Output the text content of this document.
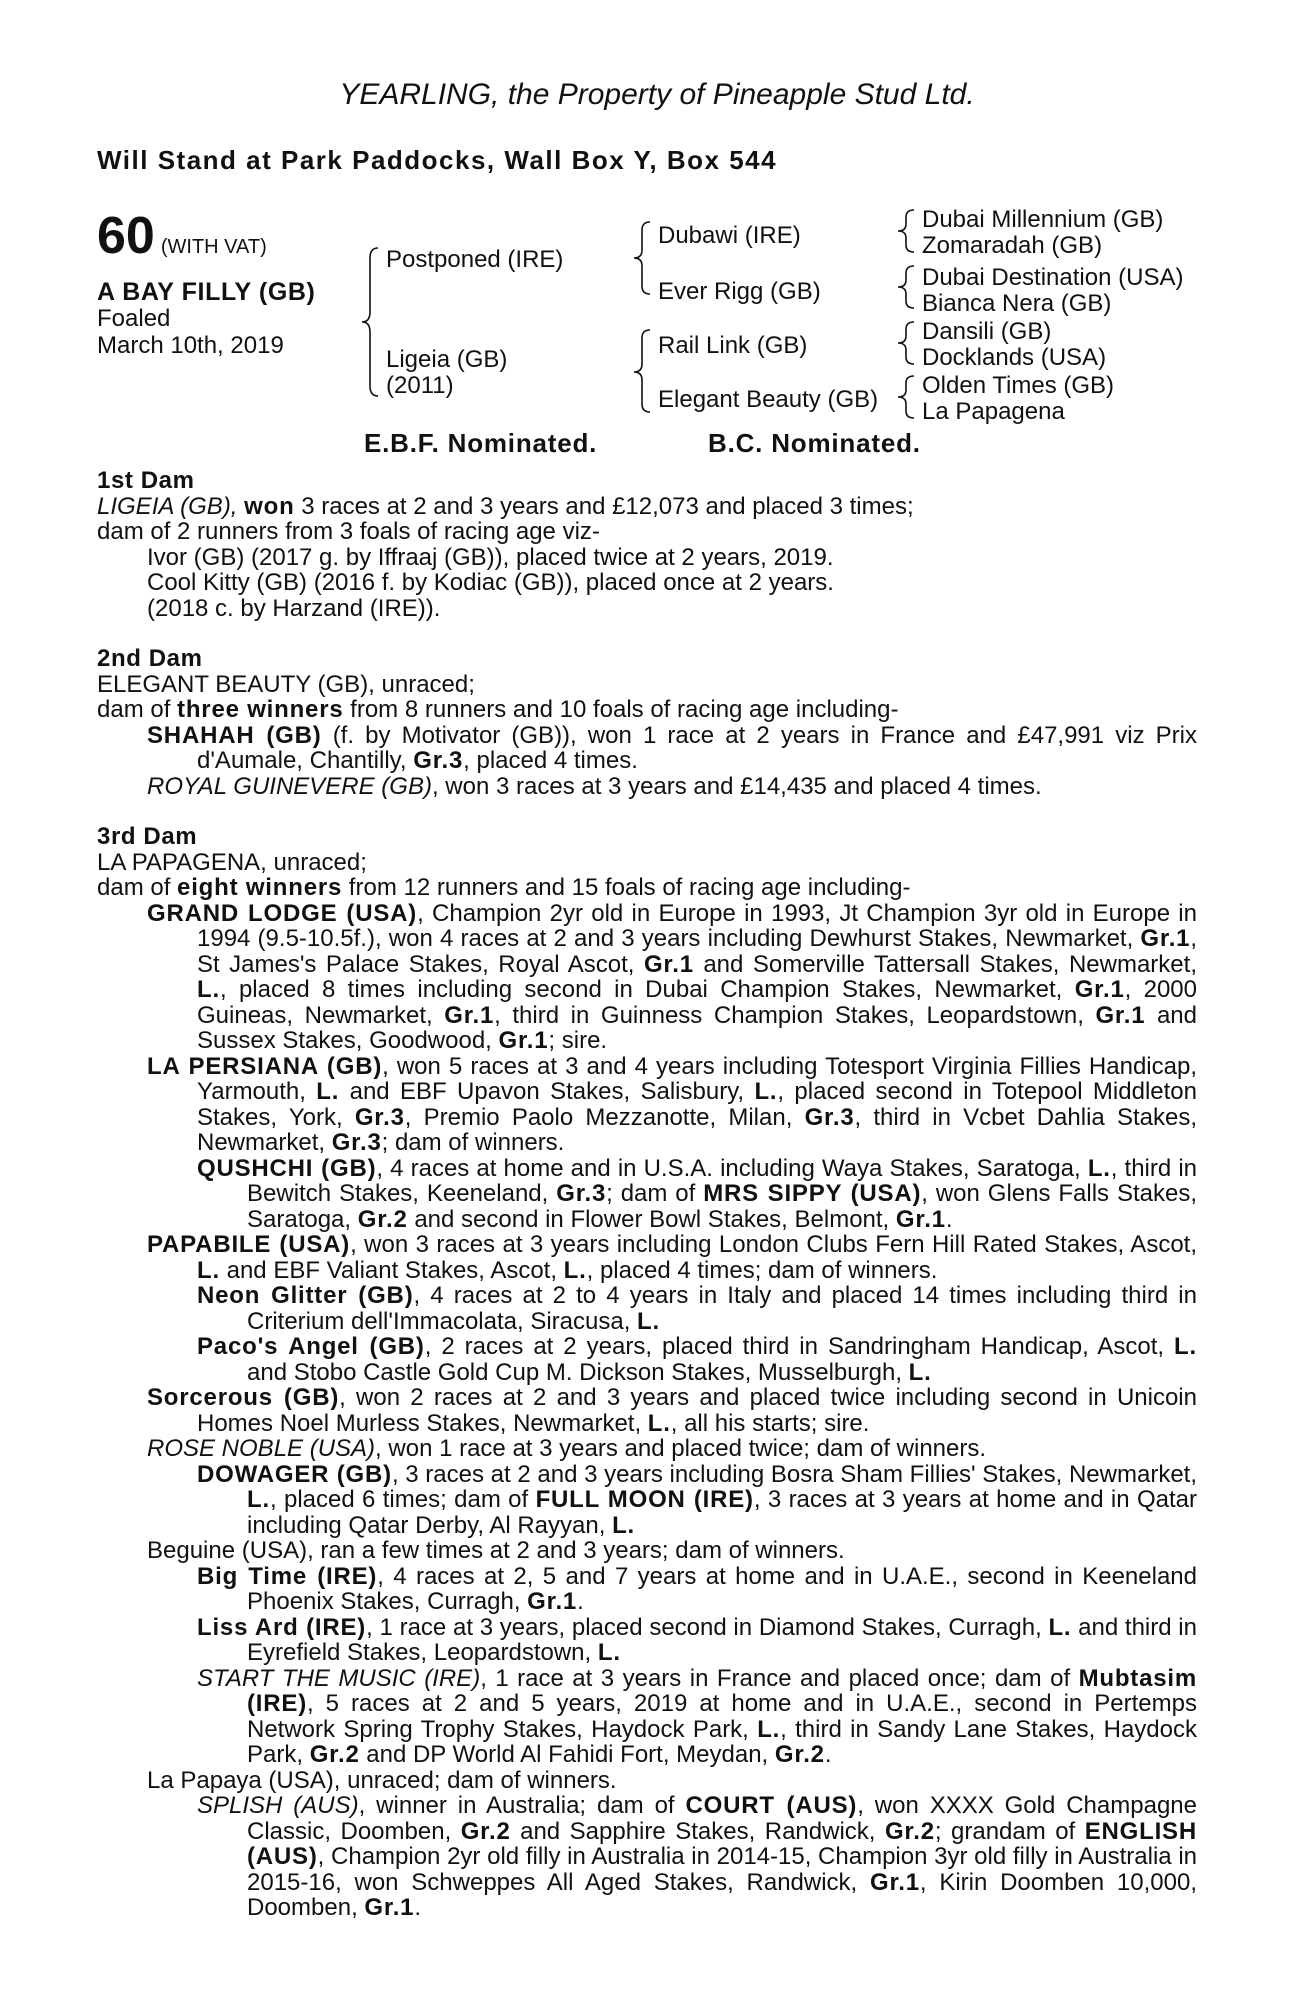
YEARLING, the Property of Pineapple Stud Ltd.
Will Stand at Park Paddocks, Wall Box Y, Box 544
60 (WITH VAT)
A BAY FILLY (GB)
Foaled
March 10th, 2019
Postponed (IRE)
Ligeia (GB)
(2011)
Dubawi (IRE)
Ever Rigg (GB)
Rail Link (GB)
Elegant Beauty (GB)
Dubai Millennium (GB)
Zomaradah (GB)
Dubai Destination (USA)
Bianca Nera (GB)
Dansili (GB)
Docklands (USA)
Olden Times (GB)
La Papagena
E.B.F. Nominated.	B.C. Nominated.
1st Dam
LIGEIA (GB), won 3 races at 2 and 3 years and £12,073 and placed 3 times;
dam of 2 runners from 3 foals of racing age viz-
Ivor (GB) (2017 g. by Iffraaj (GB)), placed twice at 2 years, 2019.
Cool Kitty (GB) (2016 f. by Kodiac (GB)), placed once at 2 years.
(2018 c. by Harzand (IRE)).
2nd Dam
ELEGANT BEAUTY (GB), unraced;
dam of three winners from 8 runners and 10 foals of racing age including-
SHAHAH (GB) (f. by Motivator (GB)), won 1 race at 2 years in France and £47,991 viz Prix d'Aumale, Chantilly, Gr.3, placed 4 times.
ROYAL GUINEVERE (GB), won 3 races at 3 years and £14,435 and placed 4 times.
3rd Dam
LA PAPAGENA, unraced;
dam of eight winners from 12 runners and 15 foals of racing age including-
GRAND LODGE (USA), Champion 2yr old in Europe in 1993, Jt Champion 3yr old in Europe in 1994 (9.5-10.5f.), won 4 races at 2 and 3 years including Dewhurst Stakes, Newmarket, Gr.1, St James's Palace Stakes, Royal Ascot, Gr.1 and Somerville Tattersall Stakes, Newmarket, L., placed 8 times including second in Dubai Champion Stakes, Newmarket, Gr.1, 2000 Guineas, Newmarket, Gr.1, third in Guinness Champion Stakes, Leopardstown, Gr.1 and Sussex Stakes, Goodwood, Gr.1; sire.
LA PERSIANA (GB), won 5 races at 3 and 4 years including Totesport Virginia Fillies Handicap, Yarmouth, L. and EBF Upavon Stakes, Salisbury, L., placed second in Totepool Middleton Stakes, York, Gr.3, Premio Paolo Mezzanotte, Milan, Gr.3, third in Vcbet Dahlia Stakes, Newmarket, Gr.3; dam of winners.
QUSHCHI (GB), 4 races at home and in U.S.A. including Waya Stakes, Saratoga, L., third in Bewitch Stakes, Keeneland, Gr.3; dam of MRS SIPPY (USA), won Glens Falls Stakes, Saratoga, Gr.2 and second in Flower Bowl Stakes, Belmont, Gr.1.
PAPABILE (USA), won 3 races at 3 years including London Clubs Fern Hill Rated Stakes, Ascot, L. and EBF Valiant Stakes, Ascot, L., placed 4 times; dam of winners.
Neon Glitter (GB), 4 races at 2 to 4 years in Italy and placed 14 times including third in Criterium dell'Immacolata, Siracusa, L.
Paco's Angel (GB), 2 races at 2 years, placed third in Sandringham Handicap, Ascot, L. and Stobo Castle Gold Cup M. Dickson Stakes, Musselburgh, L.
Sorcerous (GB), won 2 races at 2 and 3 years and placed twice including second in Unicoin Homes Noel Murless Stakes, Newmarket, L., all his starts; sire.
ROSE NOBLE (USA), won 1 race at 3 years and placed twice; dam of winners.
DOWAGER (GB), 3 races at 2 and 3 years including Bosra Sham Fillies' Stakes, Newmarket, L., placed 6 times; dam of FULL MOON (IRE), 3 races at 3 years at home and in Qatar including Qatar Derby, Al Rayyan, L.
Beguine (USA), ran a few times at 2 and 3 years; dam of winners.
Big Time (IRE), 4 races at 2, 5 and 7 years at home and in U.A.E., second in Keeneland Phoenix Stakes, Curragh, Gr.1.
Liss Ard (IRE), 1 race at 3 years, placed second in Diamond Stakes, Curragh, L. and third in Eyrefield Stakes, Leopardstown, L.
START THE MUSIC (IRE), 1 race at 3 years in France and placed once; dam of Mubtasim (IRE), 5 races at 2 and 5 years, 2019 at home and in U.A.E., second in Pertemps Network Spring Trophy Stakes, Haydock Park, L., third in Sandy Lane Stakes, Haydock Park, Gr.2 and DP World Al Fahidi Fort, Meydan, Gr.2.
La Papaya (USA), unraced; dam of winners.
SPLISH (AUS), winner in Australia; dam of COURT (AUS), won XXXX Gold Champagne Classic, Doomben, Gr.2 and Sapphire Stakes, Randwick, Gr.2; grandam of ENGLISH (AUS), Champion 2yr old filly in Australia in 2014-15, Champion 3yr old filly in Australia in 2015-16, won Schweppes All Aged Stakes, Randwick, Gr.1, Kirin Doomben 10,000, Doomben, Gr.1.
